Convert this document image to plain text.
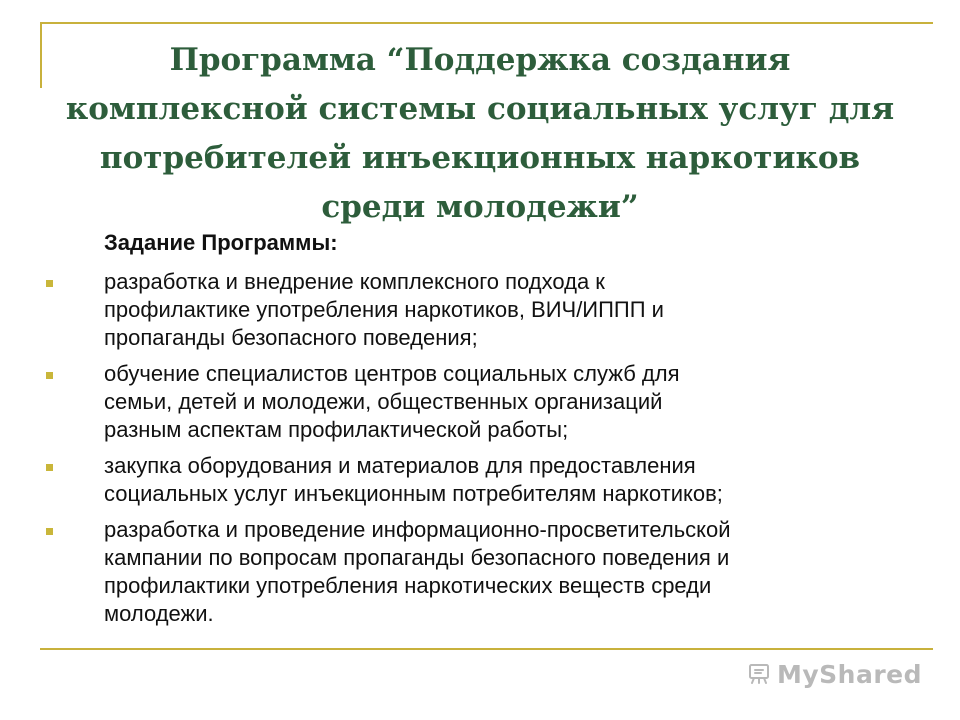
Программа “Поддержка создания
комплексной системы социальных услуг для
потребителей инъекционных наркотиков
среди молодежи”
Задание Программы:
разработка и внедрение комплексного подхода к
профилактике употребления наркотиков, ВИЧ/ИППП и
пропаганды безопасного поведения;
обучение специалистов центров социальных служб для
семьи, детей и молодежи, общественных организаций
разным аспектам профилактической работы;
закупка оборудования и материалов для предоставления
социальных услуг инъекционным потребителям наркотиков;
разработка и проведение информационно-просветительской
кампании по вопросам пропаганды безопасного поведения и
профилактики употребления наркотических веществ среди
молодежи.
MyShared
